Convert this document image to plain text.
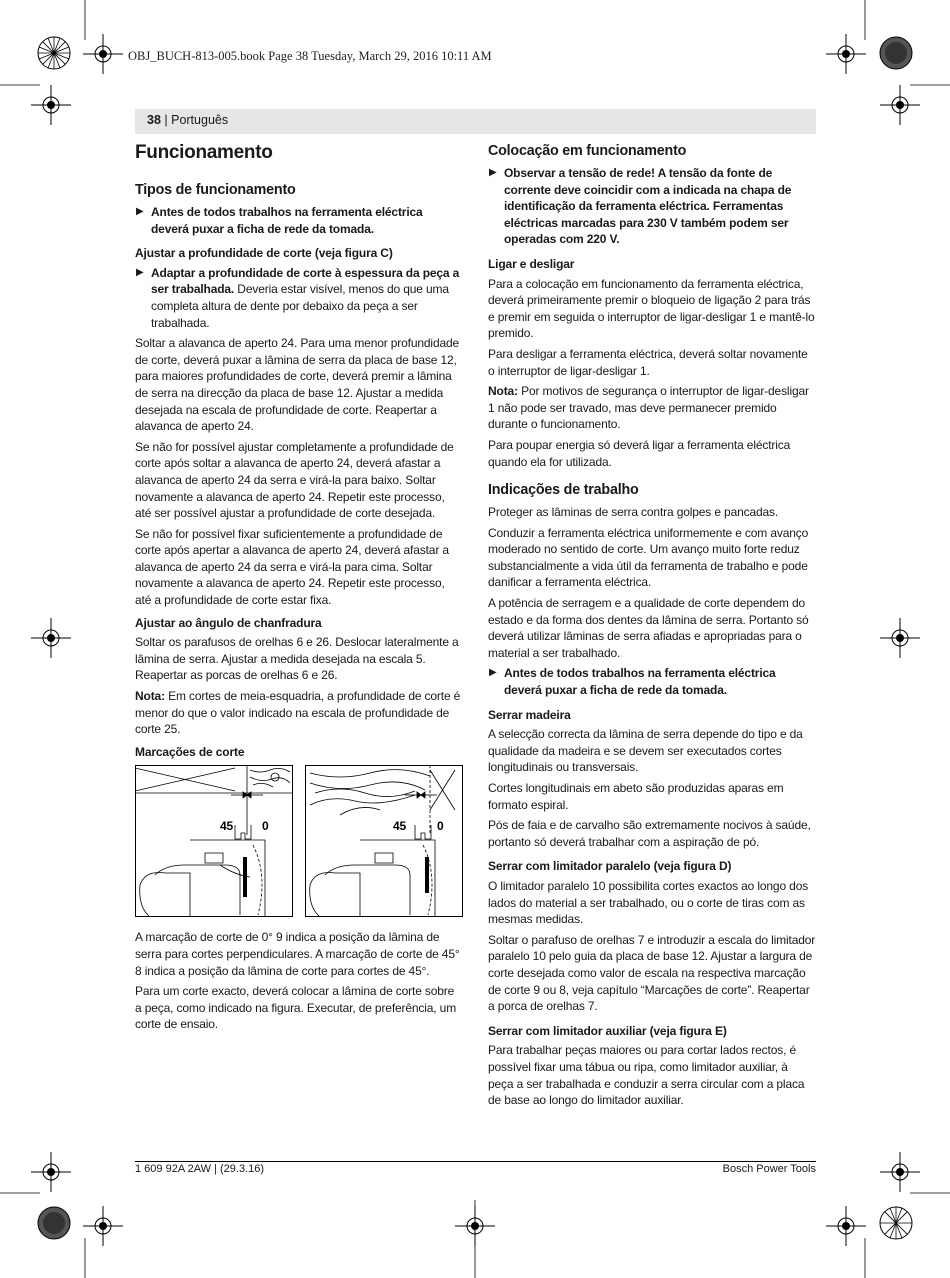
OBJ_BUCH-813-005.book Page 38 Tuesday, March 29, 2016 10:11 AM
38 | Português
Funcionamento
Tipos de funcionamento
▶ Antes de todos trabalhos na ferramenta eléctrica deverá puxar a ficha de rede da tomada.
Ajustar a profundidade de corte (veja figura C)
▶ Adaptar a profundidade de corte à espessura da peça a ser trabalhada. Deveria estar visível, menos do que uma completa altura de dente por debaixo da peça a ser trabalhada.

Soltar a alavanca de aperto 24. Para uma menor profundidade de corte, deverá puxar a lâmina de serra da placa de base 12, para maiores profundidades de corte, deverá premir a lâmina de serra na direcção da placa de base 12. Ajustar a medida desejada na escala de profundidade de corte. Reapertar a alavanca de aperto 24.

Se não for possível ajustar completamente a profundidade de corte após soltar a alavanca de aperto 24, deverá afastar a alavanca de aperto 24 da serra e virá-la para baixo. Soltar novamente a alavanca de aperto 24. Repetir este processo, até ser possível ajustar a profundidade de corte desejada.

Se não for possível fixar suficientemente a profundidade de corte após apertar a alavanca de aperto 24, deverá afastar a alavanca de aperto 24 da serra e virá-la para cima. Soltar novamente a alavanca de aperto 24. Repetir este processo, até a profundidade de corte estar fixa.

Ajustar ao ângulo de chanfradura

Soltar os parafusos de orelhas 6 e 26. Deslocar lateralmente a lâmina de serra. Ajustar a medida desejada na escala 5. Reapertar as porcas de orelhas 6 e 26.

Nota: Em cortes de meia-esquadria, a profundidade de corte é menor do que o valor indicado na escala de profundidade de corte 25.

Marcações de corte
45 0	45	0

A marcação de corte de 0° 9 indica a posição da lâmina de serra para cortes perpendiculares. A marcação de corte de 45° 8 indica a posição da lâmina de corte para cortes de 45°.

Para um corte exacto, deverá colocar a lâmina de corte sobre a peça, como indicado na figura. Executar, de preferência, um corte de ensaio.

Colocação em funcionamento
▶ Observar a tensão de rede! A tensão da fonte de corrente deve coincidir com a indicada na chapa de identificação da ferramenta eléctrica. Ferramentas eléctricas marcadas para 230 V também podem ser operadas com 220 V.
Ligar e desligar

Para a colocação em funcionamento da ferramenta eléctrica, deverá primeiramente premir o bloqueio de ligação 2 para trás e premir em seguida o interruptor de ligar-desligar 1 e mantê-lo premido.

Para desligar a ferramenta eléctrica, deverá soltar novamente o interruptor de ligar-desligar 1.

Nota: Por motivos de segurança o interruptor de ligar-desligar 1 não pode ser travado, mas deve permanecer premido durante o funcionamento.

Para poupar energia só deverá ligar a ferramenta eléctrica quando ela for utilizada.

Indicações de trabalho

Proteger as lâminas de serra contra golpes e pancadas.

Conduzir a ferramenta eléctrica uniformemente e com avanço moderado no sentido de corte. Um avanço muito forte reduz substancialmente a vida útil da ferramenta de trabalho e pode danificar a ferramenta eléctrica.

A potência de serragem e a qualidade de corte dependem do estado e da forma dos dentes da lâmina de serra. Portanto só deverá utilizar lâminas de serra afiadas e apropriadas para o material a ser trabalhado.

▶ Antes de todos trabalhos na ferramenta eléctrica deverá puxar a ficha de rede da tomada.
Serrar madeira

A selecção correcta da lâmina de serra depende do tipo e da qualidade da madeira e se devem ser executados cortes longitudinais ou transversais.

Cortes longitudinais em abeto são produzidas aparas em formato espiral.

Pós de faia e de carvalho são extremamente nocivos à saúde, portanto só deverá trabalhar com a aspiração de pó.

Serrar com limitador paralelo (veja figura D)

O limitador paralelo 10 possibilita cortes exactos ao longo dos lados do material a ser trabalhado, ou o corte de tiras com as mesmas medidas.

Soltar o parafuso de orelhas 7 e introduzir a escala do limitador paralelo 10 pelo guia da placa de base 12. Ajustar a largura de corte desejada como valor de escala na respectiva marcação de corte 9 ou 8, veja capítulo “Marcações de corte”. Reapertar a porca de orelhas 7.

Serrar com limitador auxiliar (veja figura E)

Para trabalhar peças maiores ou para cortar lados rectos, é possível fixar uma tábua ou ripa, como limitador auxiliar, à peça a ser trabalhada e conduzir a serra circular com a placa de base ao longo do limitador auxiliar.

1 609 92A 2AW | (29.3.16)	Bosch Power Tools
